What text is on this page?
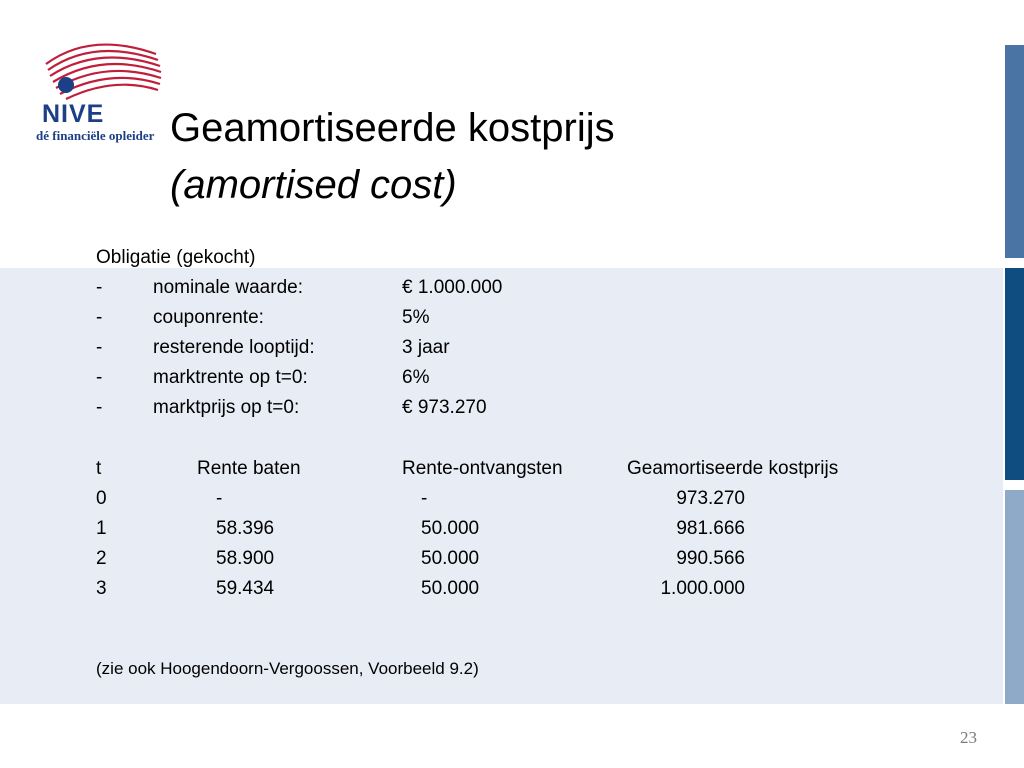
NIVE
dé financiële opleider Geamortiseerde kostprijs
(amortised cost)
Obligatie (gekocht)
-	nominale waarde:	€ 1.000.000
-	couponrente:	5%
-	resterende looptijd:	3 jaar
-	marktrente op t=0:	6%
-	marktprijs op t=0:	€ 973.270
t	Rente baten	Rente-ontvangsten	Geamortiseerde kostprijs
0	-	-	973.270
1	58.396	50.000	981.666
2	58.900	50.000	990.566
3	59.434	50.000	1.000.000
(zie ook Hoogendoorn-Vergoossen, Voorbeeld 9.2)
23
